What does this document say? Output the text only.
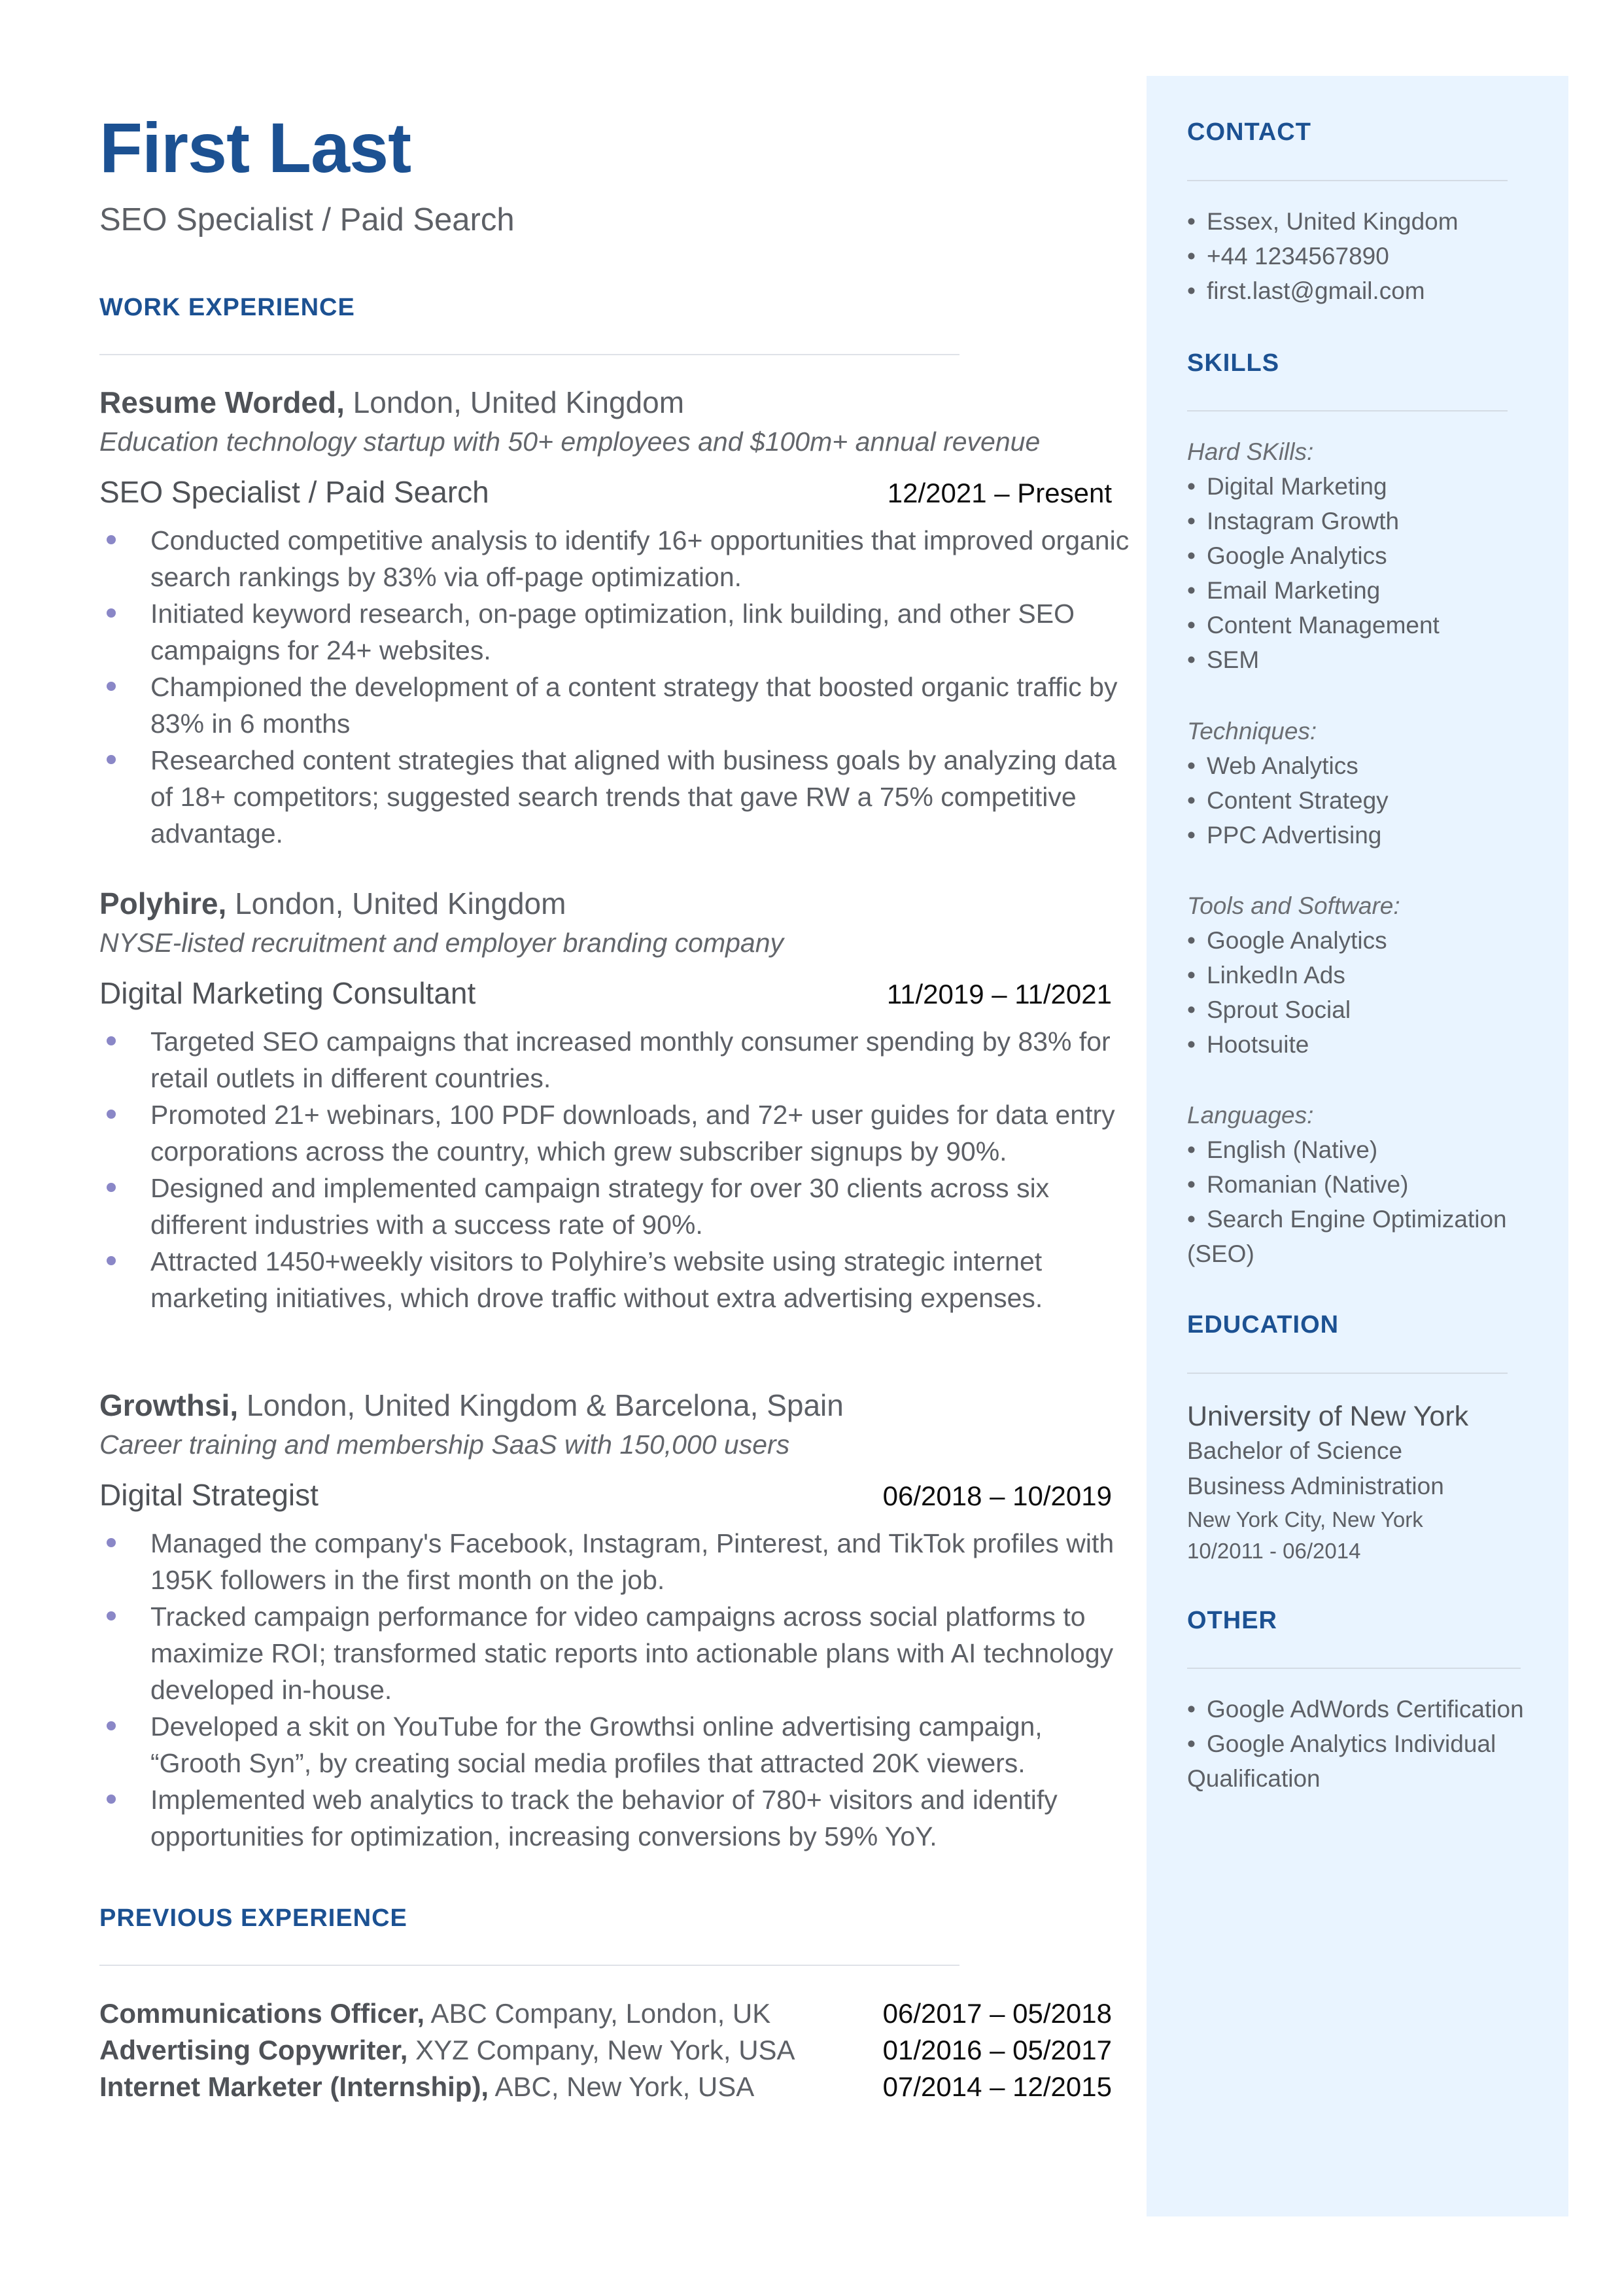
First Last
SEO Specialist / Paid Search
WORK EXPERIENCE
Resume Worded, London, United Kingdom
Education technology startup with 50+ employees and $100m+ annual revenue
SEO Specialist / Paid Search	12/2021 – Present
Conducted competitive analysis to identify 16+ opportunities that improved organic search rankings by 83% via off-page optimization.
Initiated keyword research, on-page optimization, link building, and other SEO campaigns for 24+ websites.
Championed the development of a content strategy that boosted organic traffic by 83% in 6 months
Researched content strategies that aligned with business goals by analyzing data of 18+ competitors; suggested search trends that gave RW a 75% competitive advantage.
Polyhire, London, United Kingdom
NYSE-listed recruitment and employer branding company
Digital Marketing Consultant	11/2019 – 11/2021
Targeted SEO campaigns that increased monthly consumer spending by 83% for retail outlets in different countries.
Promoted 21+ webinars, 100 PDF downloads, and 72+ user guides for data entry corporations across the country, which grew subscriber signups by 90%.
Designed and implemented campaign strategy for over 30 clients across six different industries with a success rate of 90%.
Attracted 1450+weekly visitors to Polyhire’s website using strategic internet marketing initiatives, which drove traffic without extra advertising expenses.
Growthsi, London, United Kingdom & Barcelona, Spain
Career training and membership SaaS with 150,000 users
Digital Strategist	06/2018 – 10/2019
Managed the company's Facebook, Instagram, Pinterest, and TikTok profiles with 195K followers in the first month on the job.
Tracked campaign performance for video campaigns across social platforms to maximize ROI; transformed static reports into actionable plans with AI technology developed in-house.
Developed a skit on YouTube for the Growthsi online advertising campaign, “Grooth Syn”, by creating social media profiles that attracted 20K viewers.
Implemented web analytics to track the behavior of 780+ visitors and identify opportunities for optimization, increasing conversions by 59% YoY.
PREVIOUS EXPERIENCE
Communications Officer, ABC Company, London, UK	06/2017 – 05/2018
Advertising Copywriter, XYZ Company, New York, USA	01/2016 – 05/2017
Internet Marketer (Internship), ABC, New York, USA	07/2014 – 12/2015
CONTACT
• Essex, United Kingdom
• +44 1234567890
• first.last@gmail.com
SKILLS
Hard SKills:
• Digital Marketing
• Instagram Growth
• Google Analytics
• Email Marketing
• Content Management
• SEM
Techniques:
• Web Analytics
• Content Strategy
• PPC Advertising
Tools and Software:
• Google Analytics
• LinkedIn Ads
• Sprout Social
• Hootsuite
Languages:
• English (Native)
• Romanian (Native)
• Search Engine Optimization
(SEO)
EDUCATION
University of New York
Bachelor of Science
Business Administration
New York City, New York
10/2011 - 06/2014
OTHER
• Google AdWords Certification
• Google Analytics Individual
Qualification
